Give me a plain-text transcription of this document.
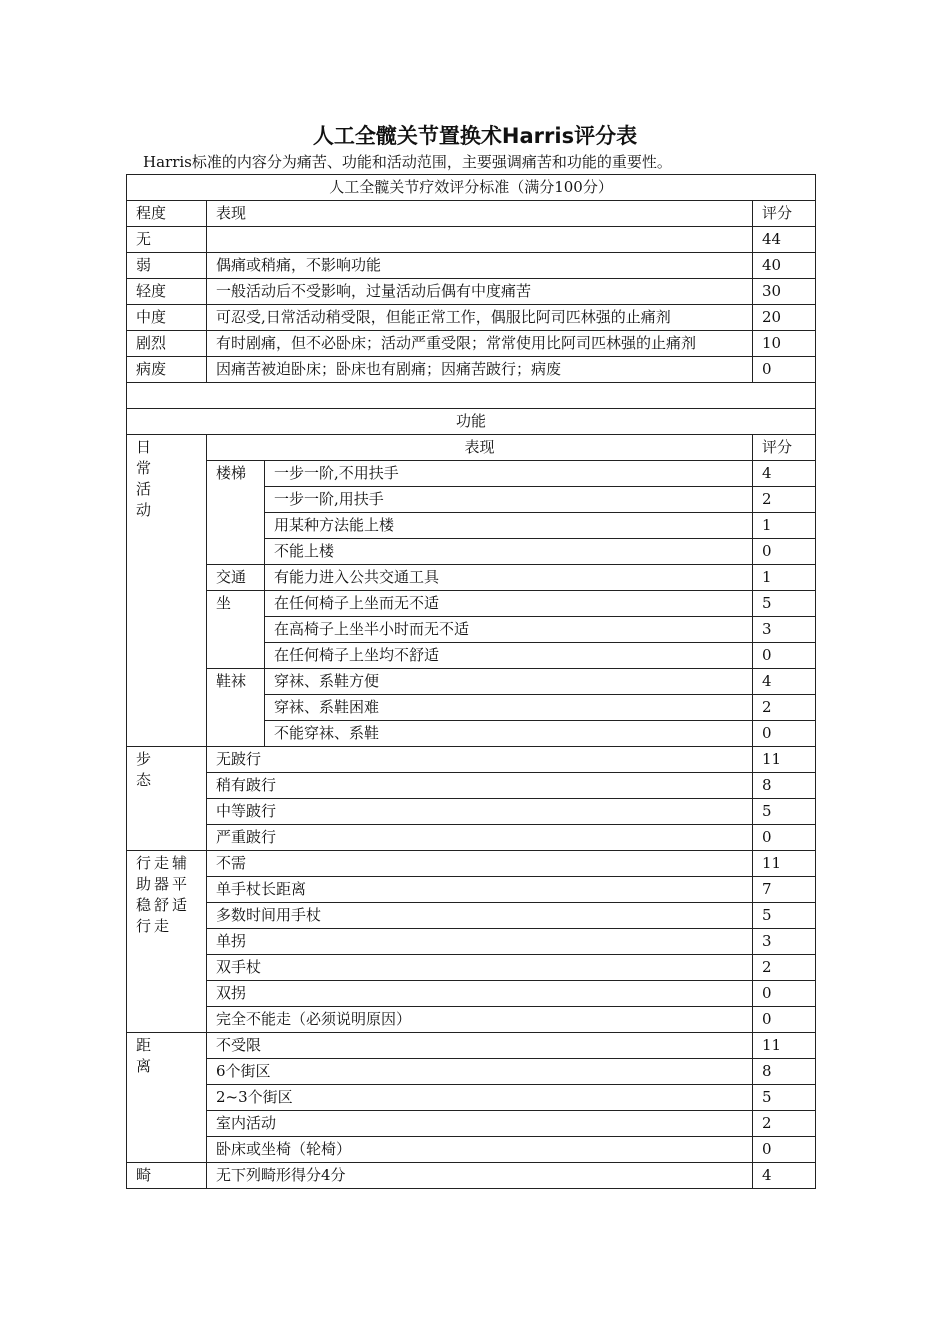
人工全髋关节置换术Harris评分表
Harris标准的内容分为痛苦、功能和活动范围，主要强调痛苦和功能的重要性。
人工全髋关节疗效评分标准（满分100分）			
程度	表现		评分
无			44
弱	偶痛或稍痛，不影响功能		40
轻度	一般活动后不受影响，过量活动后偶有中度痛苦		30
中度	可忍受,日常活动稍受限，但能正常工作，偶服比阿司匹林强的止痛剂		20
剧烈	有时剧痛，但不必卧床；活动严重受限；常常使用比阿司匹林强的止痛剂		10
病废	因痛苦被迫卧床；卧床也有剧痛；因痛苦跛行；病废		0

功能			
日
常
活
动	表现		评分
	楼梯	一步一阶,不用扶手	4
		一步一阶,用扶手	2
		用某种方法能上楼	1
		不能上楼	0
	交通	有能力进入公共交通工具	1
	坐	在任何椅子上坐而无不适	5
		在高椅子上坐半小时而无不适	3
		在任何椅子上坐均不舒适	0
	鞋袜	穿袜、系鞋方便	4
		穿袜、系鞋困难	2
		不能穿袜、系鞋	0
步
态	无跛行		11
	稍有跛行		8
	中等跛行		5
	严重跛行		0
行走辅
助器平
稳舒适
行走	不需		11
	单手杖长距离		7
	多数时间用手杖		5
	单拐		3
	双手杖		2
	双拐		0
	完全不能走（必须说明原因）		0
距
离	不受限		11
	6个街区		8
	2~3个街区		5
	室内活动		2
	卧床或坐椅（轮椅）		0
畸	无下列畸形得分4分		4
